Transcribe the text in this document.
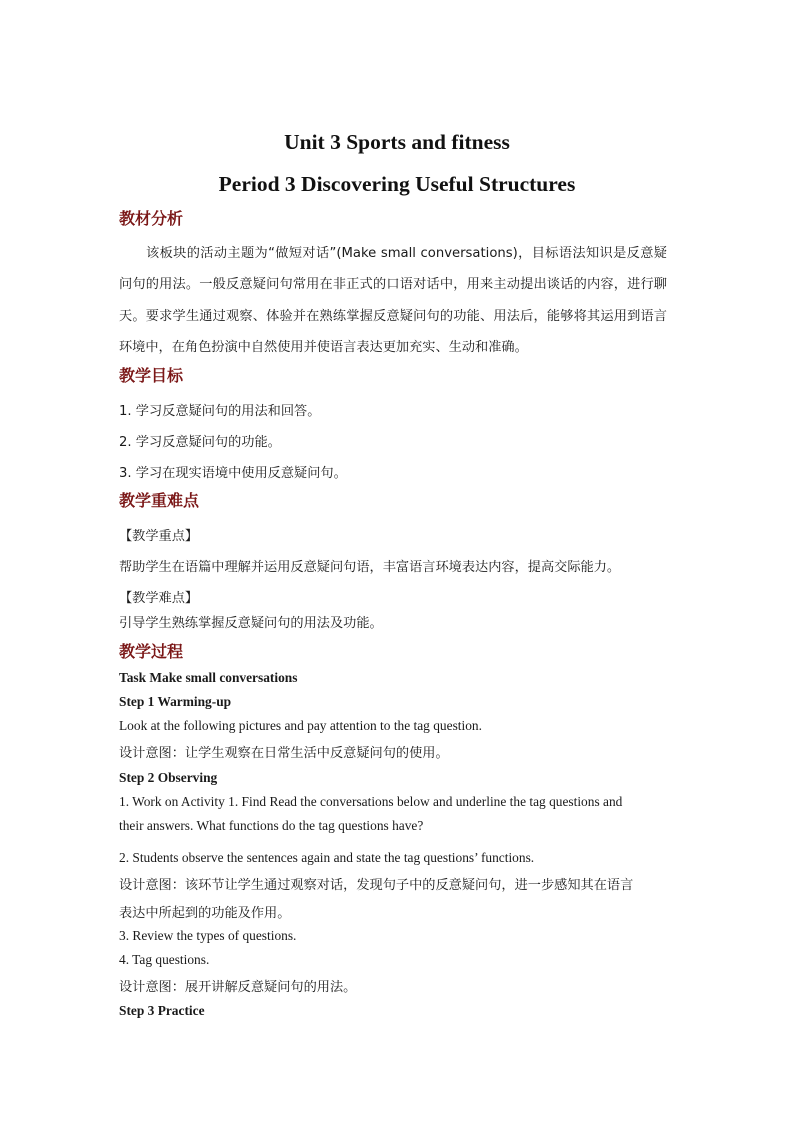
Unit 3 Sports and fitness
Period 3 Discovering Useful Structures
教材分析
该板块的活动主题为“做短对话”(Make small conversations)，目标语法知识是反意疑问句的用法。一般反意疑问句常用在非正式的口语对话中，用来主动提出谈话的内容，进行聊天。要求学生通过观察、体验并在熟练掌握反意疑问句的功能、用法后，能够将其运用到语言环境中，在角色扮演中自然使用并使语言表达更加充实、生动和准确。
教学目标
1. 学习反意疑问句的用法和回答。
2. 学习反意疑问句的功能。
3. 学习在现实语境中使用反意疑问句。
教学重难点
【教学重点】
帮助学生在语篇中理解并运用反意疑问句语，丰富语言环境表达内容，提高交际能力。
【教学难点】
引导学生熟练掌握反意疑问句的用法及功能。
教学过程
Task Make small conversations
Step 1 Warming-up
Look at the following pictures and pay attention to the tag question.
设计意图：让学生观察在日常生活中反意疑问句的使用。
Step 2 Observing
1. Work on Activity 1. Find Read the conversations below and underline the tag questions and
their answers. What functions do the tag questions have?
2. Students observe the sentences again and state the tag questions’ functions.
设计意图：该环节让学生通过观察对话，发现句子中的反意疑问句，进一步感知其在语言
表达中所起到的功能及作用。
3. Review the types of questions.
4. Tag questions.
设计意图：展开讲解反意疑问句的用法。
Step 3 Practice
